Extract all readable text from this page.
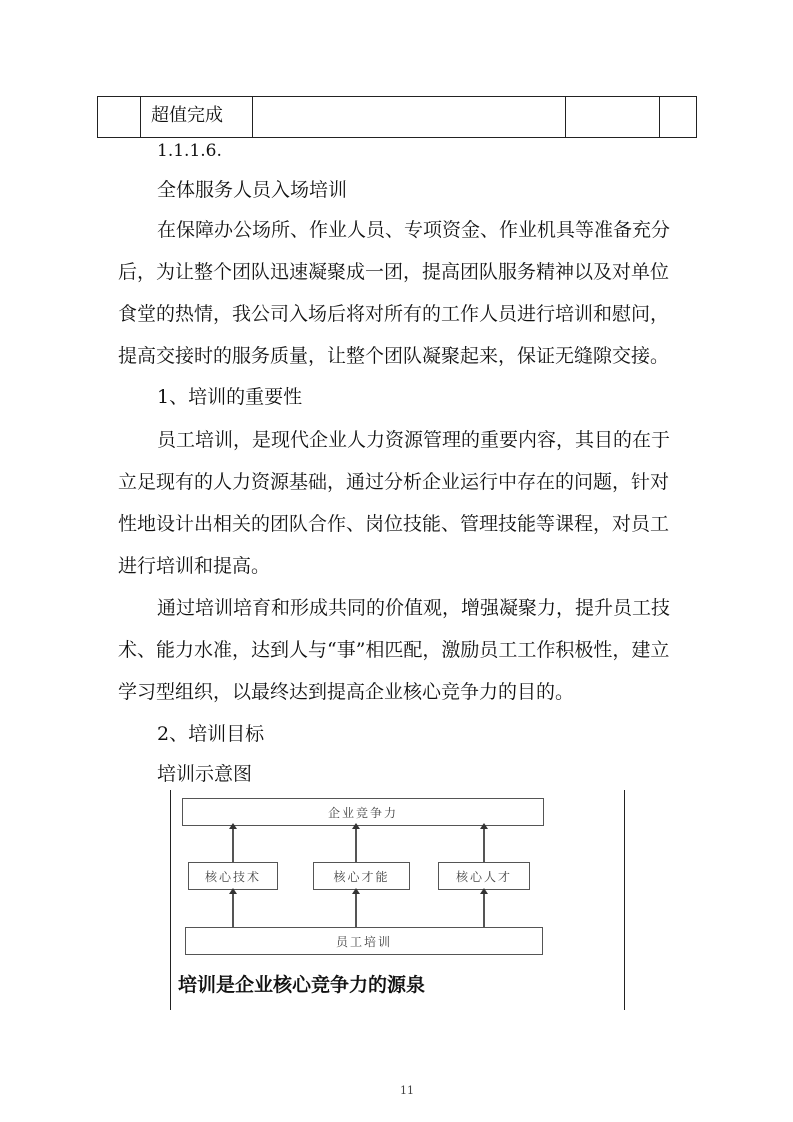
超值完成
1.1.1.6.
全体服务人员入场培训
在保障办公场所、作业人员、专项资金、作业机具等准备充分
后，为让整个团队迅速凝聚成一团，提高团队服务精神以及对单位
食堂的热情，我公司入场后将对所有的工作人员进行培训和慰问，
提高交接时的服务质量，让整个团队凝聚起来，保证无缝隙交接。
1、培训的重要性
员工培训，是现代企业人力资源管理的重要内容，其目的在于
立足现有的人力资源基础，通过分析企业运行中存在的问题，针对
性地设计出相关的团队合作、岗位技能、管理技能等课程，对员工
进行培训和提高。
通过培训培育和形成共同的价值观，增强凝聚力，提升员工技
术、能力水准，达到人与“事”相匹配，激励员工工作积极性，建立
学习型组织，以最终达到提高企业核心竞争力的目的。
2、培训目标
培训示意图
企业竞争力
核心技术	核心才能	核心人才
员工培训
培训是企业核心竞争力的源泉
11
